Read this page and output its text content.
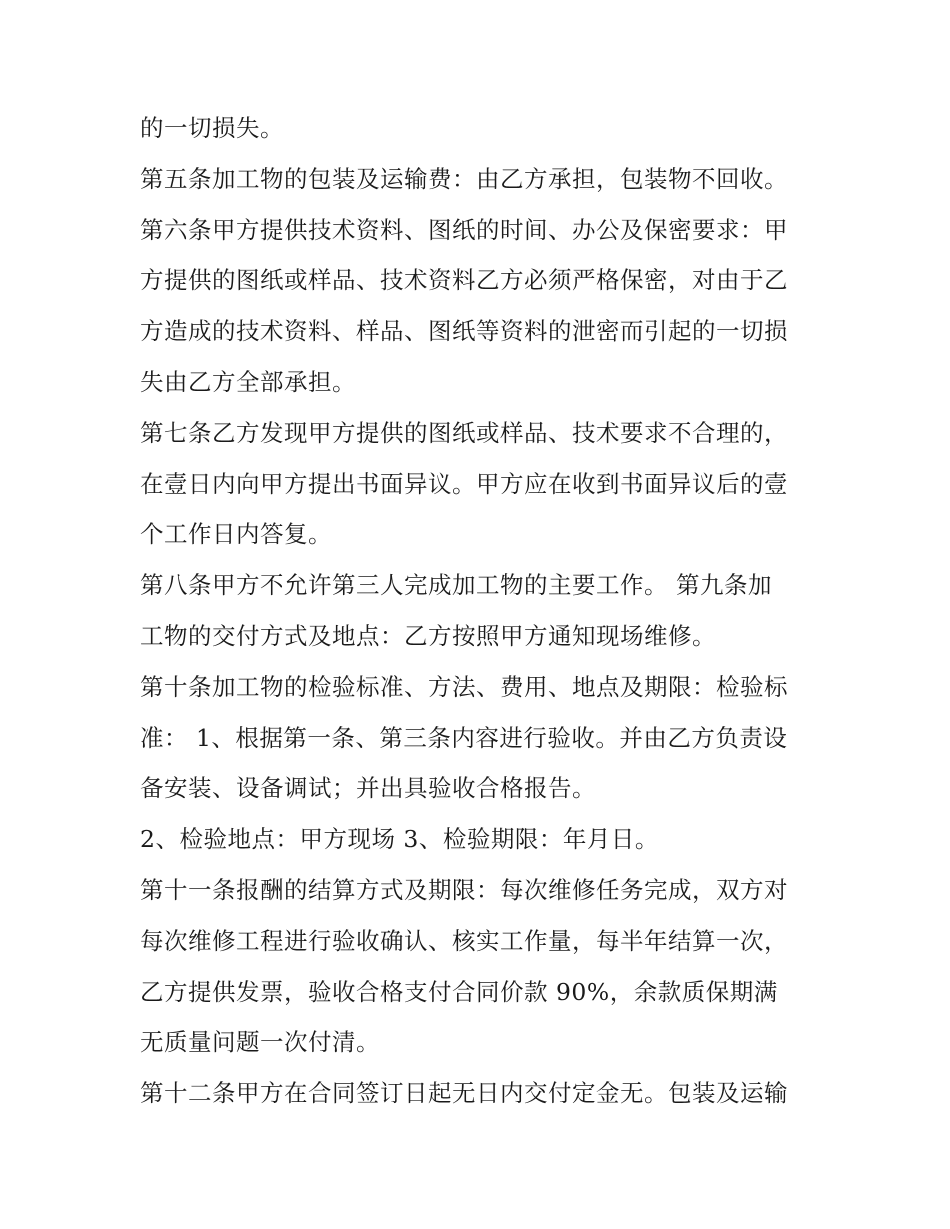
的一切损失。
第五条加工物的包装及运输费：由乙方承担，包装物不回收。
第六条甲方提供技术资料、图纸的时间、办公及保密要求：甲
方提供的图纸或样品、技术资料乙方必须严格保密，对由于乙
方造成的技术资料、样品、图纸等资料的泄密而引起的一切损
失由乙方全部承担。
第七条乙方发现甲方提供的图纸或样品、技术要求不合理的，
在壹日内向甲方提出书面异议。甲方应在收到书面异议后的壹
个工作日内答复。
第八条甲方不允许第三人完成加工物的主要工作。 第九条加
工物的交付方式及地点：乙方按照甲方通知现场维修。
第十条加工物的检验标准、方法、费用、地点及期限：检验标
准： 1、根据第一条、第三条内容进行验收。并由乙方负责设
备安装、设备调试；并出具验收合格报告。
2、检验地点：甲方现场 3、检验期限：年月日。
第十一条报酬的结算方式及期限：每次维修任务完成，双方对
每次维修工程进行验收确认、核实工作量，每半年结算一次，
乙方提供发票，验收合格支付合同价款 90%，余款质保期满
无质量问题一次付清。
第十二条甲方在合同签订日起无日内交付定金无。包装及运输
